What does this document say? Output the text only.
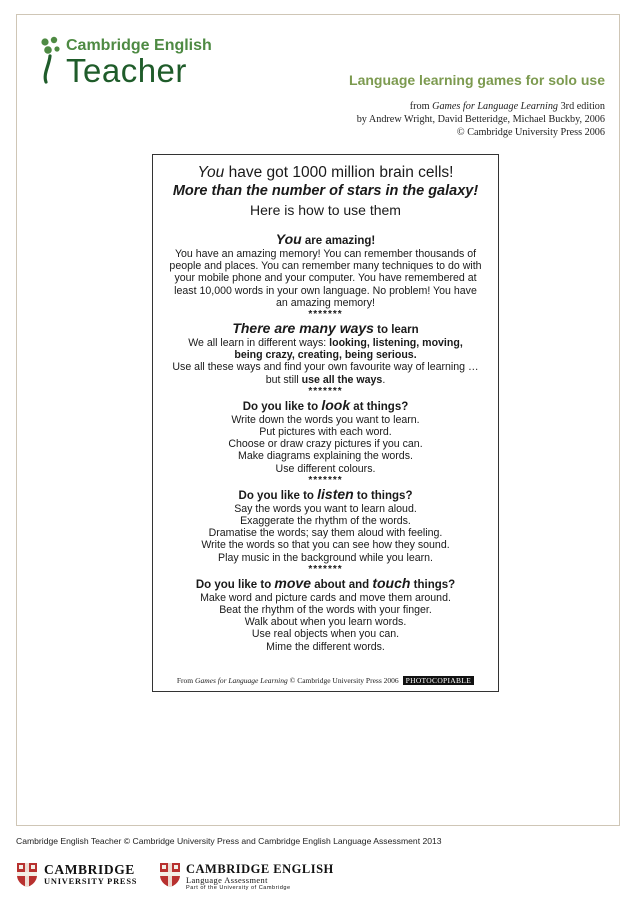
Cambridge English
Teacher	Language learning games for solo use
from Games for Language Learning 3rd edition
by Andrew Wright, David Betteridge, Michael Buckby, 2006
© Cambridge University Press 2006
You have got 1000 million brain cells!
More than the number of stars in the galaxy!
Here is how to use them
You are amazing!

You have an amazing memory! You can remember thousands of people and places. You can remember many techniques to do with your mobile phone and your computer. You have remembered at least 10,000 words in your own language. No problem! You have an amazing memory!

*******
There are many ways to learn

We all learn in different ways: looking, listening, moving,

being crazy, creating, being serious.

Use all these ways and find your own favourite way of learning …

but still use all the ways.

*******
Do you like to look at things?

Write down the words you want to learn.

Put pictures with each word.

Choose or draw crazy pictures if you can.

Make diagrams explaining the words.

Use different colours.

*******
Do you like to listen to things?

Say the words you want to learn aloud.

Exaggerate the rhythm of the words.

Dramatise the words; say them aloud with feeling.

Write the words so that you can see how they sound.

Play music in the background while you learn.

*******
Do you like to move about and touch things?

Make word and picture cards and move them around.

Beat the rhythm of the words with your finger.

Walk about when you learn words.

Use real objects when you can.

Mime the different words.

From Games for Language Learning © Cambridge University Press 2006 PHOTOCOPIABLE
Cambridge English Teacher © Cambridge University Press and Cambridge English Language Assessment 2013
CAMBRIDGE
UNIVERSITY PRESS
CAMBRIDGE ENGLISH
Language Assessment
Part of the University of Cambridge
